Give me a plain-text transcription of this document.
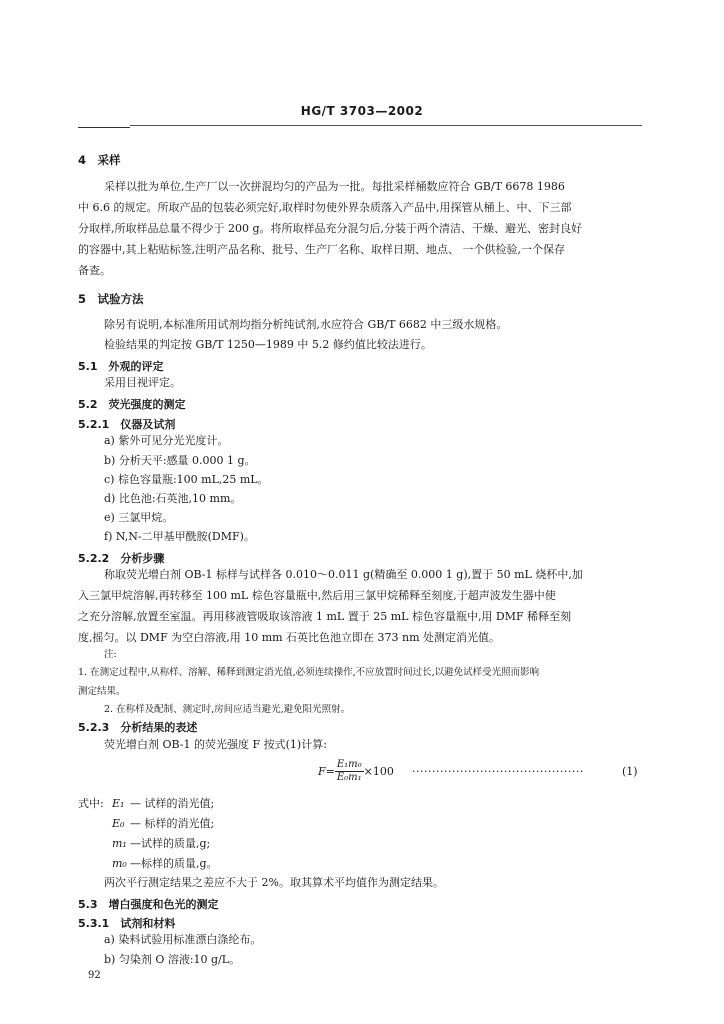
HG/T 3703—2002
4　采样
采样以批为单位,生产厂以一次拼混均匀的产品为一批。每批采样桶数应符合 GB/T 6678 1986
中 6.6 的规定。所取产品的包装必须完好,取样时勿使外界杂质落入产品中,用探管从桶上、中、下三部
分取样,所取样品总量不得少于 200 g。将所取样品充分混匀后,分装于两个清洁、干燥、避光、密封良好
的容器中,其上粘贴标签,注明产品名称、批号、生产厂名称、取样日期、地点、 一个供检验,一个保存
备查。
5　试验方法
除另有说明,本标准所用试剂均指分析纯试剂,水应符合 GB/T 6682 中三级水规格。
检验结果的判定按 GB/T 1250—1989 中 5.2 修约值比较法进行。
5.1　外观的评定
采用目视评定。
5.2　荧光强度的测定
5.2.1　仪器及试剂
a) 紫外可见分光光度计。
b) 分析天平:感量 0.000 1 g。
c) 棕色容量瓶:100 mL,25 mL。
d) 比色池:石英池,10 mm。
e) 三氯甲烷。
f) N,N-二甲基甲酰胺(DMF)。
5.2.2　分析步骤
称取荧光增白剂 OB-1 标样与试样各 0.010～0.011 g(精确至 0.000 1 g),置于 50 mL 烧杯中,加
入三氯甲烷溶解,再转移至 100 mL 棕色容量瓶中,然后用三氯甲烷稀释至刻度,于超声波发生器中使
之充分溶解,放置至室温。再用移液管吸取该溶液 1 mL 置于 25 mL 棕色容量瓶中,用 DMF 稀释至刻
度,摇匀。以 DMF 为空白溶液,用 10 mm 石英比色池立即在 373 nm 处测定消光值。
注:
1. 在测定过程中,从称样、溶解、稀释到测定消光值,必须连续操作,不应放置时间过长,以避免试样受光照而影响
测定结果。
2. 在称样及配制、测定时,房间应适当避光,避免阳光照射。
5.2.3　分析结果的表述
荧光增白剂 OB-1 的荧光强度 F 按式(1)计算:
$F= \frac{\text{E₁m₀}}{\text{E₀m₁}} \times 100$ ···········································	(1)
式中: E₁ — 试样的消光值;
E₀ — 标样的消光值;
m₁ —试样的质量,g;
m₀ —标样的质量,g。
两次平行测定结果之差应不大于 2%。取其算术平均值作为测定结果。
5.3　增白强度和色光的测定
5.3.1　试剂和材料
a) 染料试验用标准漂白涤纶布。
b) 匀染剂 O 溶液:10 g/L。
92
